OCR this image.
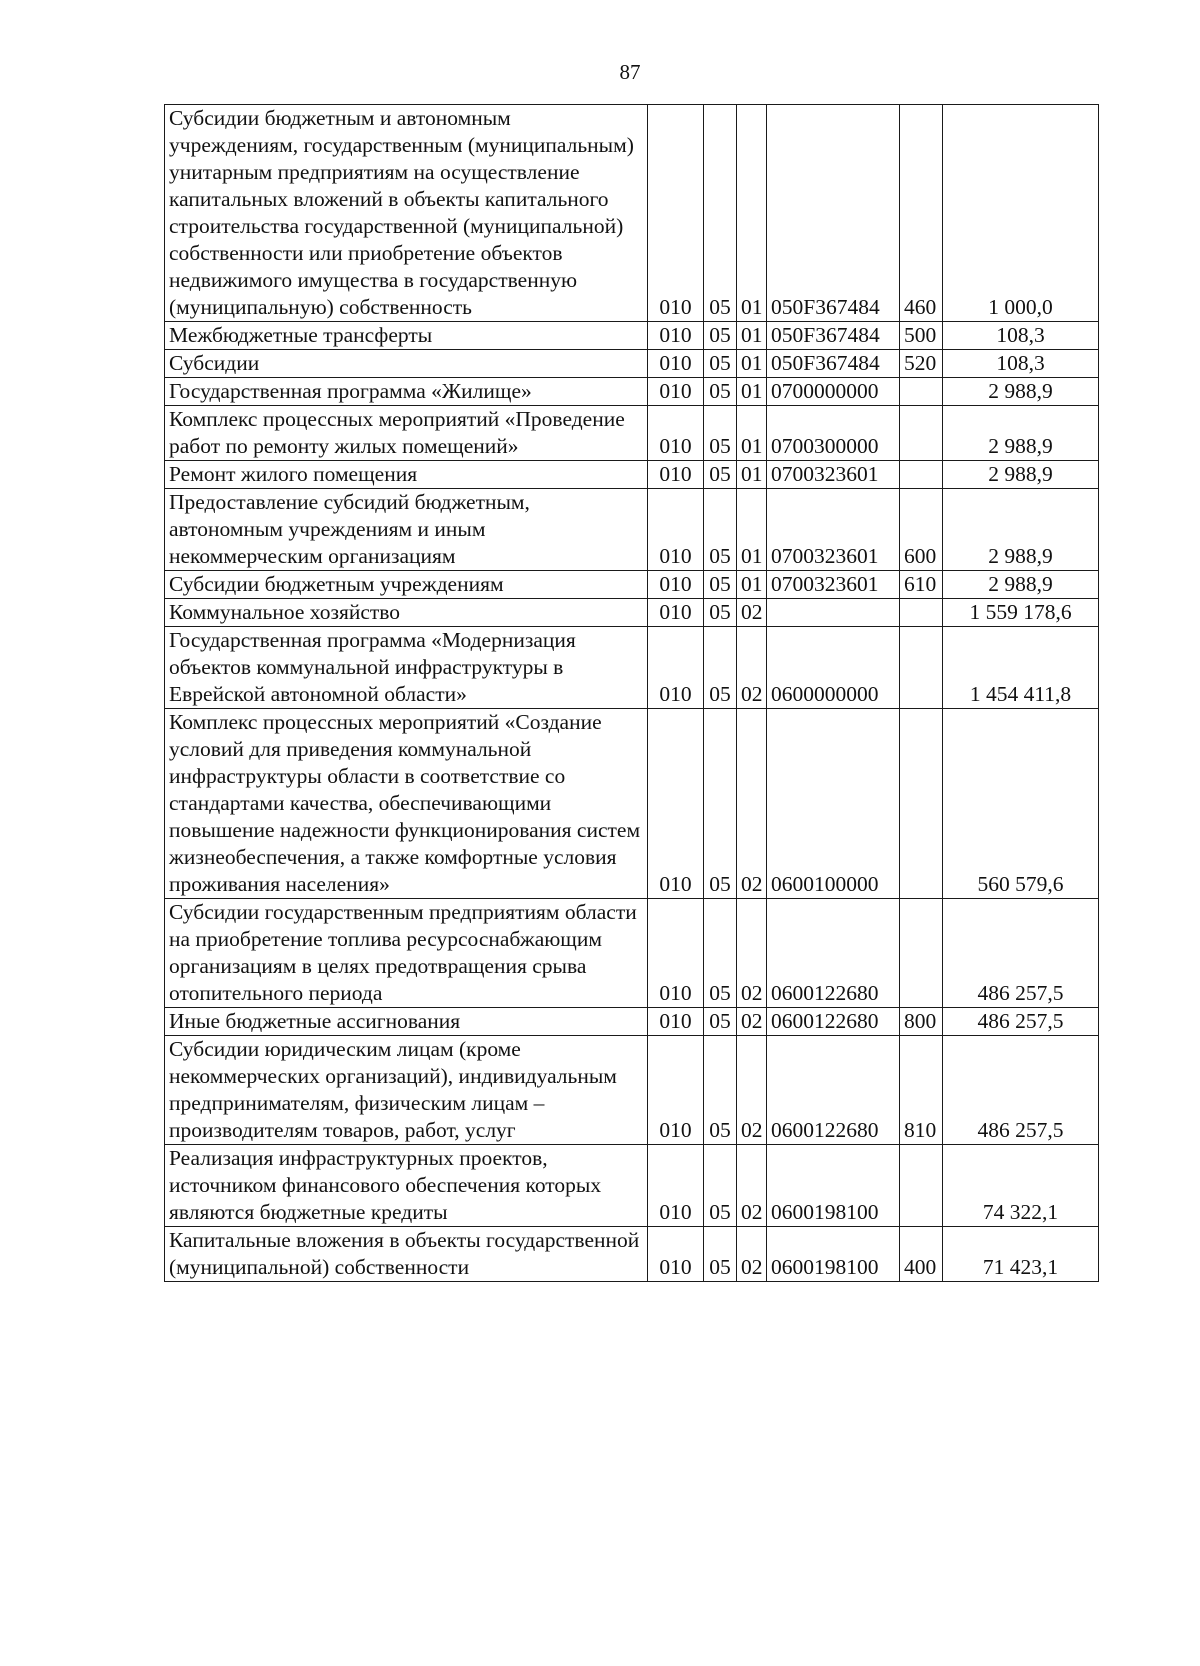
87
Субсидии бюджетным и автономным учреждениям, государственным (муниципальным) унитарным предприятиям на осуществление капитальных вложений в объекты капитального строительства государственной (муниципальной) собственности или приобретение объектов недвижимого имущества в государственную (муниципальную) собственность	010	05	01	050F367484	460	1 000,0
Межбюджетные трансферты	010	05	01	050F367484	500	108,3
Субсидии	010	05	01	050F367484	520	108,3
Государственная программа «Жилище»	010	05	01	0700000000		2 988,9
Комплекс процессных мероприятий «Проведение работ по ремонту жилых помещений»	010	05	01	0700300000		2 988,9
Ремонт жилого помещения	010	05	01	0700323601		2 988,9
Предоставление субсидий бюджетным, автономным учреждениям и иным некоммерческим организациям	010	05	01	0700323601	600	2 988,9
Субсидии бюджетным учреждениям	010	05	01	0700323601	610	2 988,9
Коммунальное хозяйство	010	05	02			1 559 178,6
Государственная программа «Модернизация объектов коммунальной инфраструктуры в Еврейской автономной области»	010	05	02	0600000000		1 454 411,8
Комплекс процессных мероприятий «Создание условий для приведения коммунальной инфраструктуры области в соответствие со стандартами качества, обеспечивающими повышение надежности функционирования систем жизнеобеспечения, а также комфортные условия проживания населения»	010	05	02	0600100000		560 579,6
Субсидии государственным предприятиям области на приобретение топлива ресурсоснабжающим организациям в целях предотвращения срыва отопительного периода	010	05	02	0600122680		486 257,5
Иные бюджетные ассигнования	010	05	02	0600122680	800	486 257,5
Субсидии юридическим лицам (кроме некоммерческих организаций), индивидуальным предпринимателям, физическим лицам – производителям товаров, работ, услуг	010	05	02	0600122680	810	486 257,5
Реализация инфраструктурных проектов, источником финансового обеспечения которых являются бюджетные кредиты	010	05	02	0600198100		74 322,1
Капитальные вложения в объекты государственной (муниципальной) собственности	010	05	02	0600198100	400	71 423,1
